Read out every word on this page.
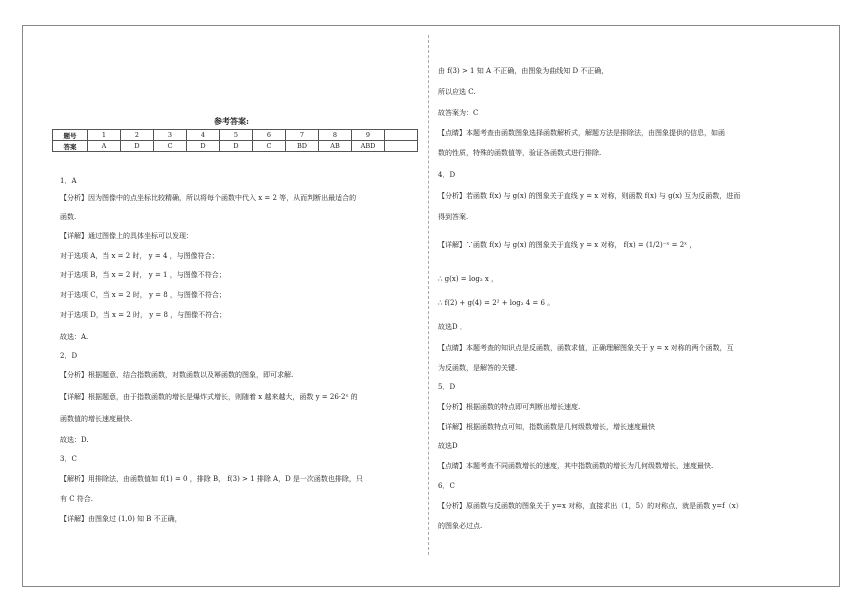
参考答案:
题号	1	2	3	4	5	6	7	8	9	
答案	A	D	C	D	D	C	BD	AB	ABD	
1．A
【分析】因为图像中的点坐标比较精确，所以将每个函数中代入 x = 2 等，从而判断出最适合的
函数.
【详解】通过图像上的具体坐标可以发现：
对于选项 A，当 x = 2 时， y = 4 ，与图像符合；
对于选项 B，当 x = 2 时， y = 1 ，与图像不符合；
对于选项 C，当 x = 2 时， y = 8 ，与图像不符合；
对于选项 D，当 x = 2 时， y = 8 ，与图像不符合；
故选：A.
2．D
【分析】根据题意，结合指数函数，对数函数以及幂函数的图象，即可求解.
【详解】根据题意，由于指数函数的增长是爆炸式增长，则随着 x 越来越大，函数 y = 26·2ˣ 的
函数值的增长速度最快.
故选：D.
3．C
【解析】用排除法，由函数值如 f(1) = 0 ，排除 B， f(3) > 1 排除 A，D 是一次函数也排除，只
有 C 符合.
【详解】由图象过 (1,0) 知 B 不正确，
由 f(3) > 1 知 A 不正确，由图象为曲线知 D 不正确，
所以应选 C.
故答案为：C
【点睛】本题考查由函数图象选择函数解析式，解题方法是排除法，由图象提供的信息，如函
数的性质，特殊的函数值等，验证各函数式进行排除.
4．D
【分析】若函数 f(x) 与 g(x) 的图象关于直线 y = x 对称，则函数 f(x) 与 g(x) 互为反函数，进而
得到答案.
【详解】∵函数 f(x) 与 g(x) 的图象关于直线 y = x 对称， f(x) = (1/2)⁻ˣ = 2ˣ ，
∴ g(x) = log₂ x ，
∴ f(2) + g(4) = 2² + log₂ 4 = 6 。
故选D ．
【点睛】本题考查的知识点是反函数，函数求值，正确理解图象关于 y = x 对称的两个函数，互
为反函数，是解答的关键.
5．D
【分析】根据函数的特点即可判断出增长速度.
【详解】根据函数特点可知，指数函数是几何级数增长，增长速度最快
故选D
【点睛】本题考查不同函数增长的速度，其中指数函数的增长为几何级数增长，速度最快.
6．C
【分析】原函数与反函数的图象关于 y=x 对称，直接求出（1，5）的对称点，就是函数 y=f（x）
的图象必过点.
